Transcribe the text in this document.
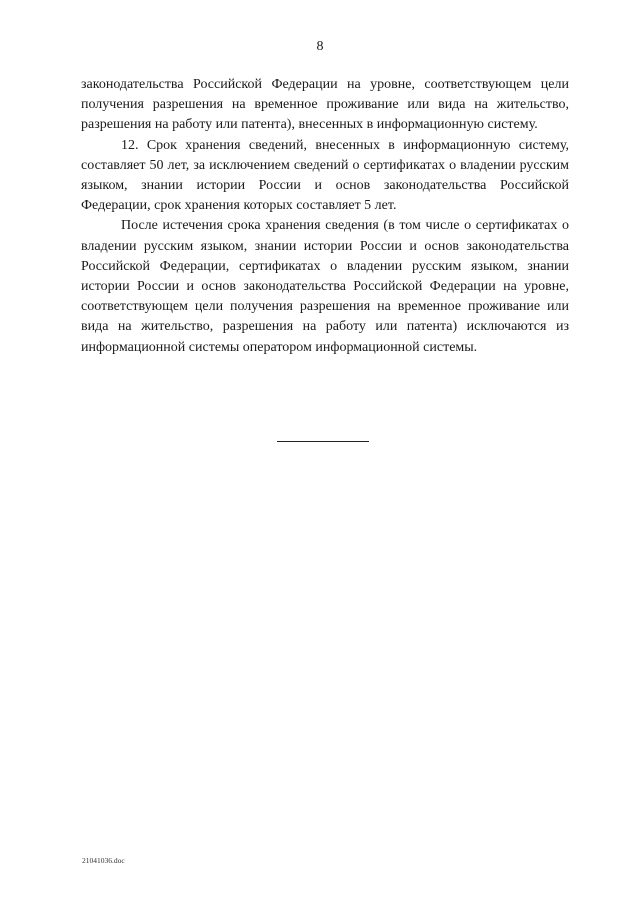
8

законодательства Российской Федерации на уровне, соответствующем цели получения разрешения на временное проживание или вида на жительство, разрешения на работу или патента), внесенных в информационную систему.

12. Срок хранения сведений, внесенных в информационную систему, составляет 50 лет, за исключением сведений о сертификатах о владении русским языком, знании истории России и основ законодательства Российской Федерации, срок хранения которых составляет 5 лет.

После истечения срока хранения сведения (в том числе о сертификатах о владении русским языком, знании истории России и основ законодательства Российской Федерации, сертификатах о владении русским языком, знании истории России и основ законодательства Российской Федерации на уровне, соответствующем цели получения разрешения на временное проживание или вида на жительство, разрешения на работу или патента) исключаются из информационной системы оператором информационной системы.

21041036.doc
